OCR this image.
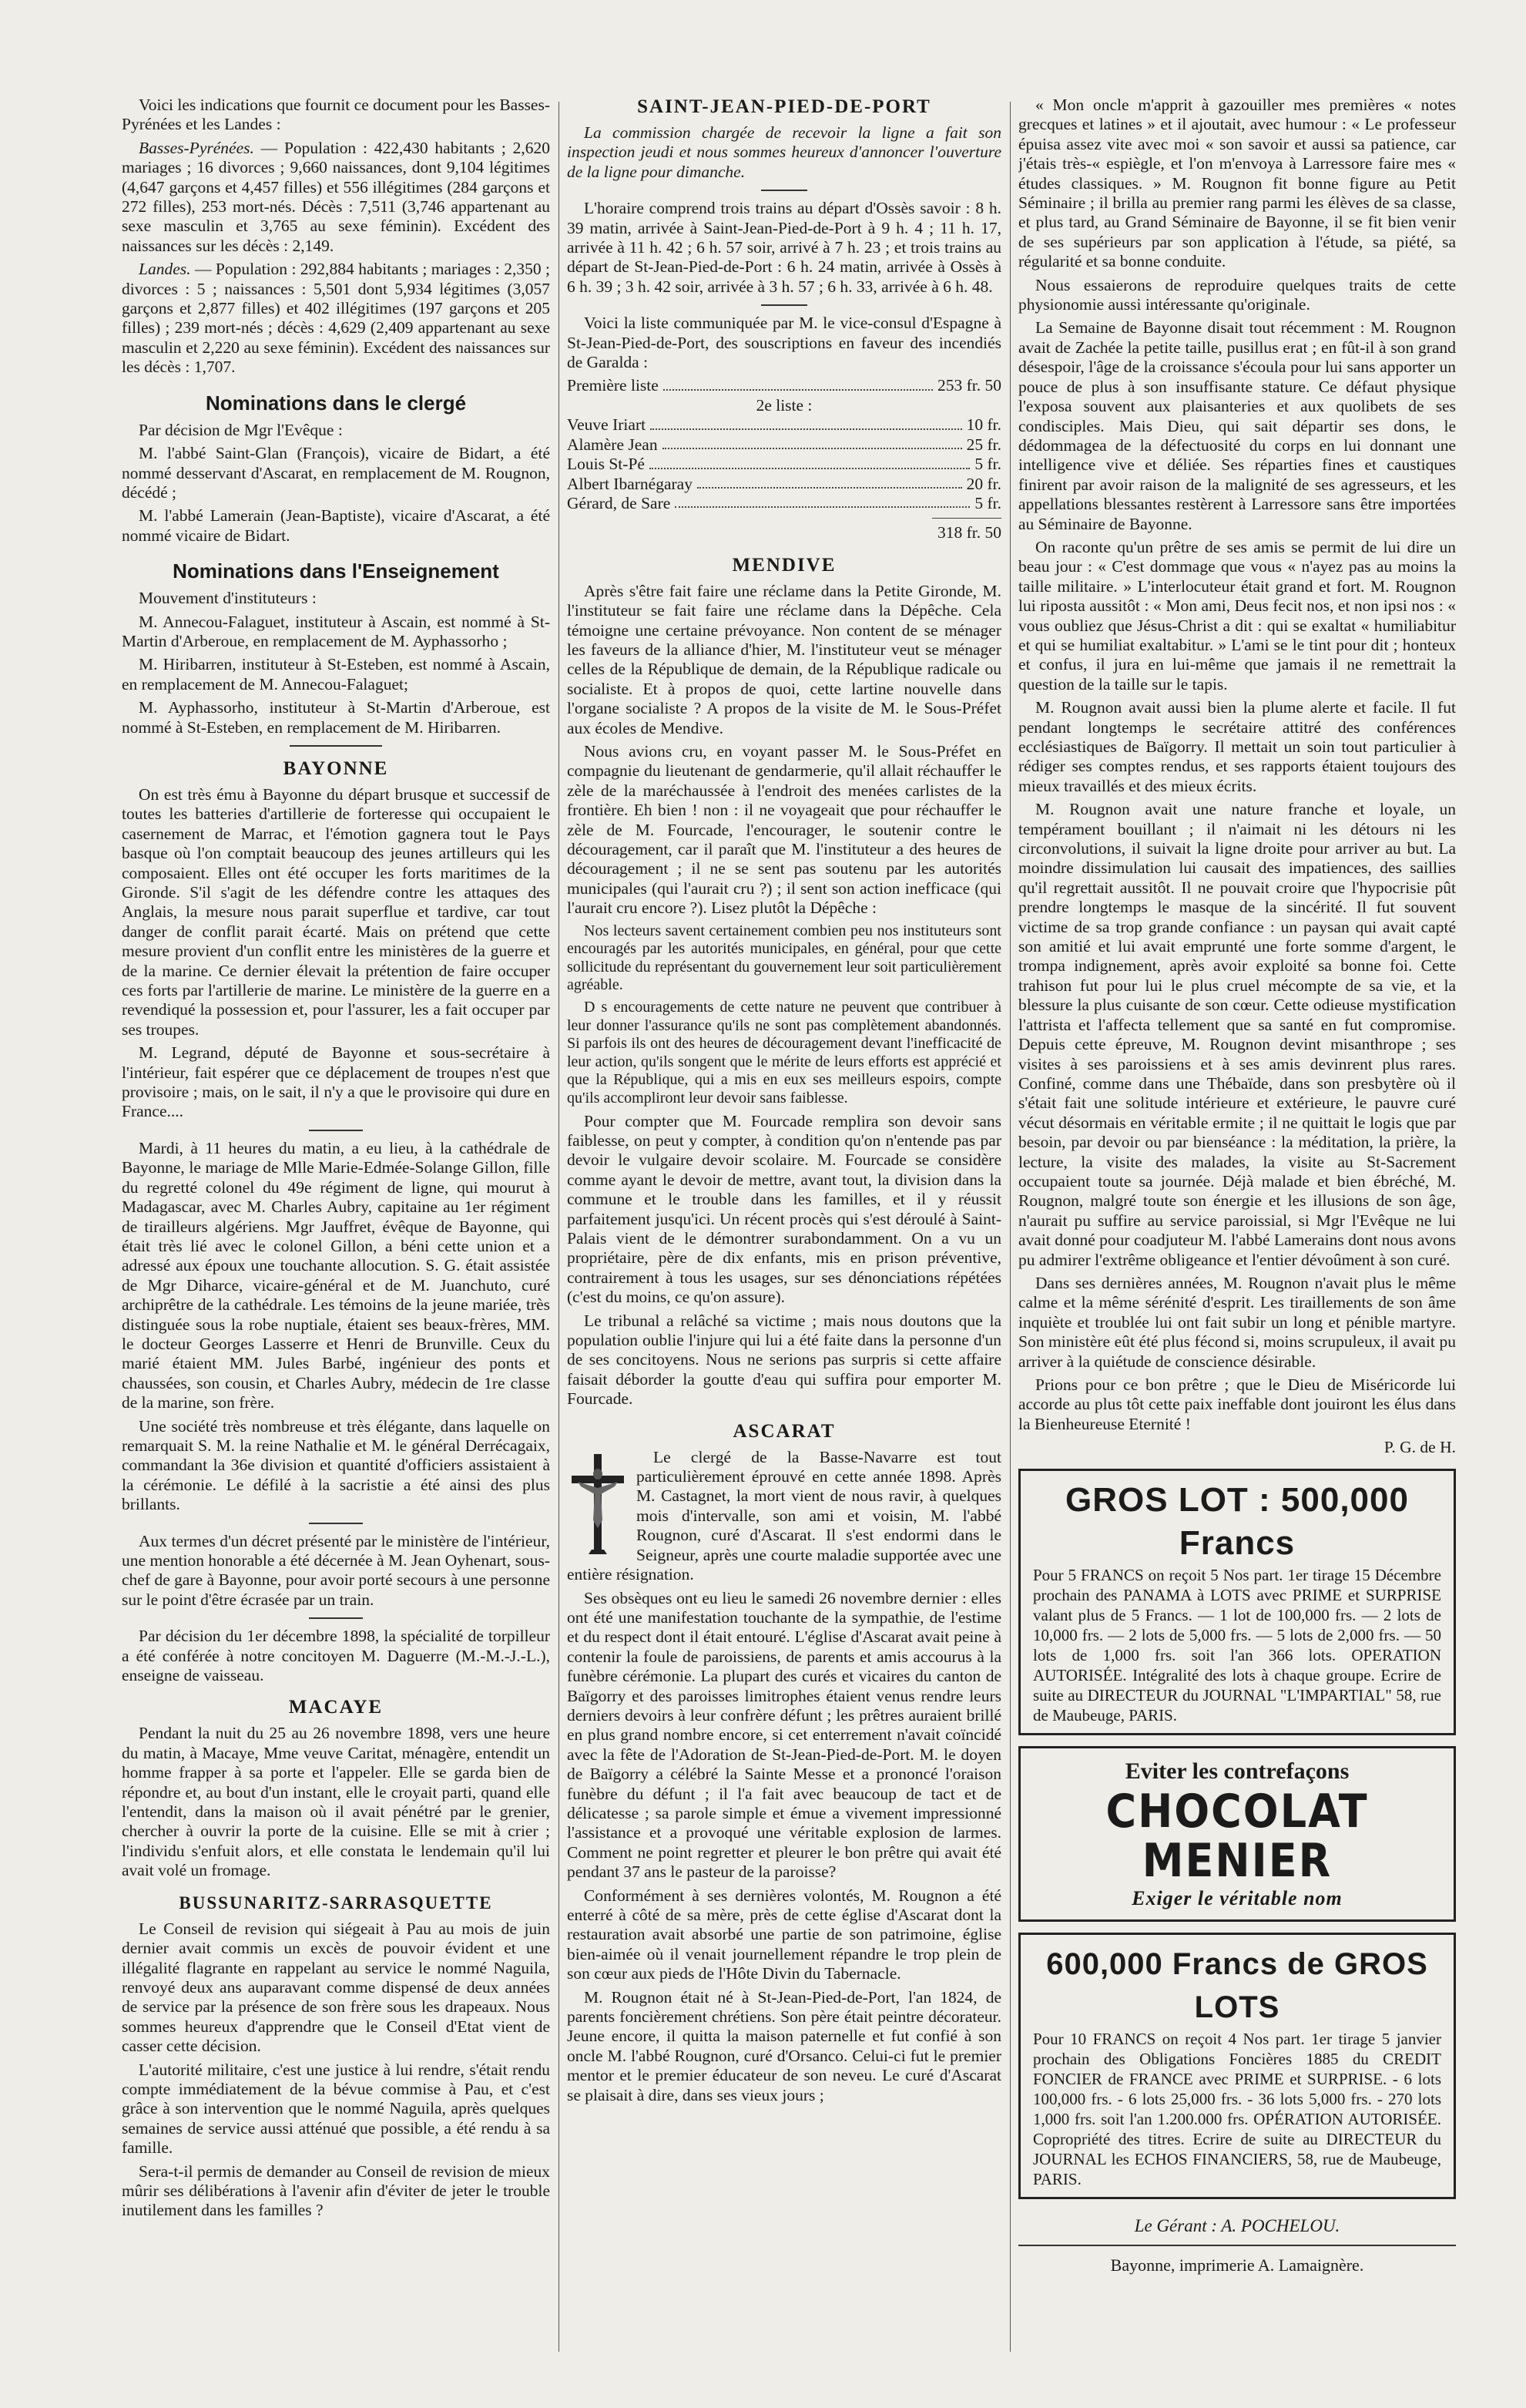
Voici les indications que fournit ce document pour les Basses-Pyrénées et les Landes :

Basses-Pyrénées. — Population : 422,430 habitants ; 2,620 mariages ; 16 divorces ; 9,660 naissances, dont 9,104 légitimes (4,647 garçons et 4,457 filles) et 556 illégitimes (284 garçons et 272 filles), 253 mort-nés. Décès : 7,511 (3,746 appartenant au sexe masculin et 3,765 au sexe féminin). Excédent des naissances sur les décès : 2,149.

Landes. — Population : 292,884 habitants ; mariages : 2,350 ; divorces : 5 ; naissances : 5,501 dont 5,934 légitimes (3,057 garçons et 2,877 filles) et 402 illégitimes (197 garçons et 205 filles) ; 239 mort-nés ; décès : 4,629 (2,409 appartenant au sexe masculin et 2,220 au sexe féminin). Excédent des naissances sur les décès : 1,707.

Nominations dans le clergé

Par décision de Mgr l'Evêque :

M. l'abbé Saint-Glan (François), vicaire de Bidart, a été nommé desservant d'Ascarat, en remplacement de M. Rougnon, décédé ;

M. l'abbé Lamerain (Jean-Baptiste), vicaire d'Ascarat, a été nommé vicaire de Bidart.

Nominations dans l'Enseignement

Mouvement d'instituteurs :

M. Annecou-Falaguet, instituteur à Ascain, est nommé à St-Martin d'Arberoue, en remplacement de M. Ayphassorho ;

M. Hiribarren, instituteur à St-Esteben, est nommé à Ascain, en remplacement de M. Annecou-Falaguet;

M. Ayphassorho, instituteur à St-Martin d'Arberoue, est nommé à St-Esteben, en remplacement de M. Hiribarren.

BAYONNE

On est très ému à Bayonne du départ brusque et successif de toutes les batteries d'artillerie de forteresse qui occupaient le casernement de Marrac, et l'émotion gagnera tout le Pays basque où l'on comptait beaucoup des jeunes artilleurs qui les composaient. Elles ont été occuper les forts maritimes de la Gironde. S'il s'agit de les défendre contre les attaques des Anglais, la mesure nous parait superflue et tardive, car tout danger de conflit parait écarté. Mais on prétend que cette mesure provient d'un conflit entre les ministères de la guerre et de la marine. Ce dernier élevait la prétention de faire occuper ces forts par l'artillerie de marine. Le ministère de la guerre en a revendiqué la possession et, pour l'assurer, les a fait occuper par ses troupes.

M. Legrand, député de Bayonne et sous-secrétaire à l'intérieur, fait espérer que ce déplacement de troupes n'est que provisoire ; mais, on le sait, il n'y a que le provisoire qui dure en France....

Mardi, à 11 heures du matin, a eu lieu, à la cathédrale de Bayonne, le mariage de Mlle Marie-Edmée-Solange Gillon, fille du regretté colonel du 49e régiment de ligne, qui mourut à Madagascar, avec M. Charles Aubry, capitaine au 1er régiment de tirailleurs algériens. Mgr Jauffret, évêque de Bayonne, qui était très lié avec le colonel Gillon, a béni cette union et a adressé aux époux une touchante allocution. S. G. était assistée de Mgr Diharce, vicaire-général et de M. Juanchuto, curé archiprêtre de la cathédrale. Les témoins de la jeune mariée, très distinguée sous la robe nuptiale, étaient ses beaux-frères, MM. le docteur Georges Lasserre et Henri de Brunville. Ceux du marié étaient MM. Jules Barbé, ingénieur des ponts et chaussées, son cousin, et Charles Aubry, médecin de 1re classe de la marine, son frère.

Une société très nombreuse et très élégante, dans laquelle on remarquait S. M. la reine Nathalie et M. le général Derrécagaix, commandant la 36e division et quantité d'officiers assistaient à la cérémonie. Le défilé à la sacristie a été ainsi des plus brillants.

Aux termes d'un décret présenté par le ministère de l'intérieur, une mention honorable a été décernée à M. Jean Oyhenart, sous-chef de gare à Bayonne, pour avoir porté secours à une personne sur le point d'être écrasée par un train.

Par décision du 1er décembre 1898, la spécialité de torpilleur a été conférée à notre concitoyen M. Daguerre (M.-M.-J.-L.), enseigne de vaisseau.

MACAYE

Pendant la nuit du 25 au 26 novembre 1898, vers une heure du matin, à Macaye, Mme veuve Caritat, ménagère, entendit un homme frapper à sa porte et l'appeler. Elle se garda bien de répondre et, au bout d'un instant, elle le croyait parti, quand elle l'entendit, dans la maison où il avait pénétré par le grenier, chercher à ouvrir la porte de la cuisine. Elle se mit à crier ; l'individu s'enfuit alors, et elle constata le lendemain qu'il lui avait volé un fromage.

BUSSUNARITZ-SARRASQUETTE

Le Conseil de revision qui siégeait à Pau au mois de juin dernier avait commis un excès de pouvoir évident et une illégalité flagrante en rappelant au service le nommé Naguila, renvoyé deux ans auparavant comme dispensé de deux années de service par la présence de son frère sous les drapeaux. Nous sommes heureux d'apprendre que le Conseil d'Etat vient de casser cette décision.

L'autorité militaire, c'est une justice à lui rendre, s'était rendu compte immédiatement de la bévue commise à Pau, et c'est grâce à son intervention que le nommé Naguila, après quelques semaines de service aussi atténué que possible, a été rendu à sa famille.

Sera-t-il permis de demander au Conseil de revision de mieux mûrir ses délibérations à l'avenir afin d'éviter de jeter le trouble inutilement dans les familles ?

SAINT-JEAN-PIED-DE-PORT

La commission chargée de recevoir la ligne a fait son inspection jeudi et nous sommes heureux d'annoncer l'ouverture de la ligne pour dimanche.

L'horaire comprend trois trains au départ d'Ossès savoir : 8 h. 39 matin, arrivée à Saint-Jean-Pied-de-Port à 9 h. 4 ; 11 h. 17, arrivée à 11 h. 42 ; 6 h. 57 soir, arrivé à 7 h. 23 ; et trois trains au départ de St-Jean-Pied-de-Port : 6 h. 24 matin, arrivée à Ossès à 6 h. 39 ; 3 h. 42 soir, arrivée à 3 h. 57 ; 6 h. 33, arrivée à 6 h. 48.

Voici la liste communiquée par M. le vice-consul d'Espagne à St-Jean-Pied-de-Port, des souscriptions en faveur des incendiés de Garalda :

Première liste	253 fr. 50
2e liste :
Veuve Iriart	10 fr.
Alamère Jean	25 fr.
Louis St-Pé	5 fr.
Albert Ibarnégaray	20 fr.
Gérard, de Sare	5 fr.
318 fr. 50
MENDIVE

Après s'être fait faire une réclame dans la Petite Gironde, M. l'instituteur se fait faire une réclame dans la Dépêche. Cela témoigne une certaine prévoyance. Non content de se ménager les faveurs de la alliance d'hier, M. l'instituteur veut se ménager celles de la République de demain, de la République radicale ou socialiste. Et à propos de quoi, cette lartine nouvelle dans l'organe socialiste ? A propos de la visite de M. le Sous-Préfet aux écoles de Mendive.

Nous avions cru, en voyant passer M. le Sous-Préfet en compagnie du lieutenant de gendarmerie, qu'il allait réchauffer le zèle de la maréchaussée à l'endroit des menées carlistes de la frontière. Eh bien ! non : il ne voyageait que pour réchauffer le zèle de M. Fourcade, l'encourager, le soutenir contre le découragement, car il paraît que M. l'instituteur a des heures de découragement ; il ne se sent pas soutenu par les autorités municipales (qui l'aurait cru ?) ; il sent son action inefficace (qui l'aurait cru encore ?). Lisez plutôt la Dépêche :

Nos lecteurs savent certainement combien peu nos instituteurs sont encouragés par les autorités municipales, en général, pour que cette sollicitude du représentant du gouvernement leur soit particulièrement agréable.

D s encouragements de cette nature ne peuvent que contribuer à leur donner l'assurance qu'ils ne sont pas complètement abandonnés. Si parfois ils ont des heures de découragement devant l'inefficacité de leur action, qu'ils songent que le mérite de leurs efforts est apprécié et que la République, qui a mis en eux ses meilleurs espoirs, compte qu'ils accompliront leur devoir sans faiblesse.

Pour compter que M. Fourcade remplira son devoir sans faiblesse, on peut y compter, à condition qu'on n'entende pas par devoir le vulgaire devoir scolaire. M. Fourcade se considère comme ayant le devoir de mettre, avant tout, la division dans la commune et le trouble dans les familles, et il y réussit parfaitement jusqu'ici. Un récent procès qui s'est déroulé à Saint-Palais vient de le démontrer surabondamment. On a vu un propriétaire, père de dix enfants, mis en prison préventive, contrairement à tous les usages, sur ses dénonciations répétées (c'est du moins, ce qu'on assure).

Le tribunal a relâché sa victime ; mais nous doutons que la population oublie l'injure qui lui a été faite dans la personne d'un de ses concitoyens. Nous ne serions pas surpris si cette affaire faisait déborder la goutte d'eau qui suffira pour emporter M. Fourcade.

ASCARAT

Le clergé de la Basse-Navarre est tout particulièrement éprouvé en cette année 1898. Après M. Castagnet, la mort vient de nous ravir, à quelques mois d'intervalle, son ami et voisin, M. l'abbé Rougnon, curé d'Ascarat. Il s'est endormi dans le Seigneur, après une courte maladie supportée avec une entière résignation.

Ses obsèques ont eu lieu le samedi 26 novembre dernier : elles ont été une manifestation touchante de la sympathie, de l'estime et du respect dont il était entouré. L'église d'Ascarat avait peine à contenir la foule de paroissiens, de parents et amis accourus à la funèbre cérémonie. La plupart des curés et vicaires du canton de Baïgorry et des paroisses limitrophes étaient venus rendre leurs derniers devoirs à leur confrère défunt ; les prêtres auraient brillé en plus grand nombre encore, si cet enterrement n'avait coïncidé avec la fête de l'Adoration de St-Jean-Pied-de-Port. M. le doyen de Baïgorry a célébré la Sainte Messe et a prononcé l'oraison funèbre du défunt ; il l'a fait avec beaucoup de tact et de délicatesse ; sa parole simple et émue a vivement impressionné l'assistance et a provoqué une véritable explosion de larmes. Comment ne point regretter et pleurer le bon prêtre qui avait été pendant 37 ans le pasteur de la paroisse?

Conformément à ses dernières volontés, M. Rougnon a été enterré à côté de sa mère, près de cette église d'Ascarat dont la restauration avait absorbé une partie de son patrimoine, église bien-aimée où il venait journellement répandre le trop plein de son cœur aux pieds de l'Hôte Divin du Tabernacle.

M. Rougnon était né à St-Jean-Pied-de-Port, l'an 1824, de parents foncièrement chrétiens. Son père était peintre décorateur. Jeune encore, il quitta la maison paternelle et fut confié à son oncle M. l'abbé Rougnon, curé d'Orsanco. Celui-ci fut le premier mentor et le premier éducateur de son neveu. Le curé d'Ascarat se plaisait à dire, dans ses vieux jours ;

« Mon oncle m'apprit à gazouiller mes premières « notes grecques et latines » et il ajoutait, avec humour : « Le professeur épuisa assez vite avec moi « son savoir et aussi sa patience, car j'étais très-« espiègle, et l'on m'envoya à Larressore faire mes « études classiques. » M. Rougnon fit bonne figure au Petit Séminaire ; il brilla au premier rang parmi les élèves de sa classe, et plus tard, au Grand Séminaire de Bayonne, il se fit bien venir de ses supérieurs par son application à l'étude, sa piété, sa régularité et sa bonne conduite.

Nous essaierons de reproduire quelques traits de cette physionomie aussi intéressante qu'originale.

La Semaine de Bayonne disait tout récemment : M. Rougnon avait de Zachée la petite taille, pusillus erat ; en fût-il à son grand désespoir, l'âge de la croissance s'écoula pour lui sans apporter un pouce de plus à son insuffisante stature. Ce défaut physique l'exposa souvent aux plaisanteries et aux quolibets de ses condisciples. Mais Dieu, qui sait départir ses dons, le dédommagea de la défectuosité du corps en lui donnant une intelligence vive et déliée. Ses réparties fines et caustiques finirent par avoir raison de la malignité de ses agresseurs, et les appellations blessantes restèrent à Larressore sans être importées au Séminaire de Bayonne.

On raconte qu'un prêtre de ses amis se permit de lui dire un beau jour : « C'est dommage que vous « n'ayez pas au moins la taille militaire. » L'interlocuteur était grand et fort. M. Rougnon lui riposta aussitôt : « Mon ami, Deus fecit nos, et non ipsi nos : « vous oubliez que Jésus-Christ a dit : qui se exaltat « humiliabitur et qui se humiliat exaltabitur. » L'ami se le tint pour dit ; honteux et confus, il jura en lui-même que jamais il ne remettrait la question de la taille sur le tapis.

M. Rougnon avait aussi bien la plume alerte et facile. Il fut pendant longtemps le secrétaire attitré des conférences ecclésiastiques de Baïgorry. Il mettait un soin tout particulier à rédiger ses comptes rendus, et ses rapports étaient toujours des mieux travaillés et des mieux écrits.

M. Rougnon avait une nature franche et loyale, un tempérament bouillant ; il n'aimait ni les détours ni les circonvolutions, il suivait la ligne droite pour arriver au but. La moindre dissimulation lui causait des impatiences, des saillies qu'il regrettait aussitôt. Il ne pouvait croire que l'hypocrisie pût prendre longtemps le masque de la sincérité. Il fut souvent victime de sa trop grande confiance : un paysan qui avait capté son amitié et lui avait emprunté une forte somme d'argent, le trompa indignement, après avoir exploité sa bonne foi. Cette trahison fut pour lui le plus cruel mécompte de sa vie, et la blessure la plus cuisante de son cœur. Cette odieuse mystification l'attrista et l'affecta tellement que sa santé en fut compromise. Depuis cette épreuve, M. Rougnon devint misanthrope ; ses visites à ses paroissiens et à ses amis devinrent plus rares. Confiné, comme dans une Thébaïde, dans son presbytère où il s'était fait une solitude intérieure et extérieure, le pauvre curé vécut désormais en véritable ermite ; il ne quittait le logis que par besoin, par devoir ou par bienséance : la méditation, la prière, la lecture, la visite des malades, la visite au St-Sacrement occupaient toute sa journée. Déjà malade et bien ébréché, M. Rougnon, malgré toute son énergie et les illusions de son âge, n'aurait pu suffire au service paroissial, si Mgr l'Evêque ne lui avait donné pour coadjuteur M. l'abbé Lamerains dont nous avons pu admirer l'extrême obligeance et l'entier dévoûment à son curé.

Dans ses dernières années, M. Rougnon n'avait plus le même calme et la même sérénité d'esprit. Les tiraillements de son âme inquiète et troublée lui ont fait subir un long et pénible martyre. Son ministère eût été plus fécond si, moins scrupuleux, il avait pu arriver à la quiétude de conscience désirable.

Prions pour ce bon prêtre ; que le Dieu de Miséricorde lui accorde au plus tôt cette paix ineffable dont jouiront les élus dans la Bienheureuse Eternité !

P. G. de H.
GROS LOT : 500,000 Francs

Pour 5 FRANCS on reçoit 5 Nos part. 1er tirage 15 Décembre prochain des PANAMA à LOTS avec PRIME et SURPRISE valant plus de 5 Francs. — 1 lot de 100,000 frs. — 2 lots de 10,000 frs. — 2 lots de 5,000 frs. — 5 lots de 2,000 frs. — 50 lots de 1,000 frs. soit l'an 366 lots. OPERATION AUTORISÉE. Intégralité des lots à chaque groupe. Ecrire de suite au DIRECTEUR du JOURNAL "L'IMPARTIAL" 58, rue de Maubeuge, PARIS.

Eviter les contrefaçons
CHOCOLAT
MENIER
Exiger le véritable nom
600,000 Francs de GROS LOTS

Pour 10 FRANCS on reçoit 4 Nos part. 1er tirage 5 janvier prochain des Obligations Foncières 1885 du CREDIT FONCIER de FRANCE avec PRIME et SURPRISE. - 6 lots 100,000 frs. - 6 lots 25,000 frs. - 36 lots 5,000 frs. - 270 lots 1,000 frs. soit l'an 1.200.000 frs. OPÉRATION AUTORISÉE. Copropriété des titres. Ecrire de suite au DIRECTEUR du JOURNAL les ECHOS FINANCIERS, 58, rue de Maubeuge, PARIS.

Le Gérant : A. POCHELOU.
Bayonne, imprimerie A. Lamaignère.
